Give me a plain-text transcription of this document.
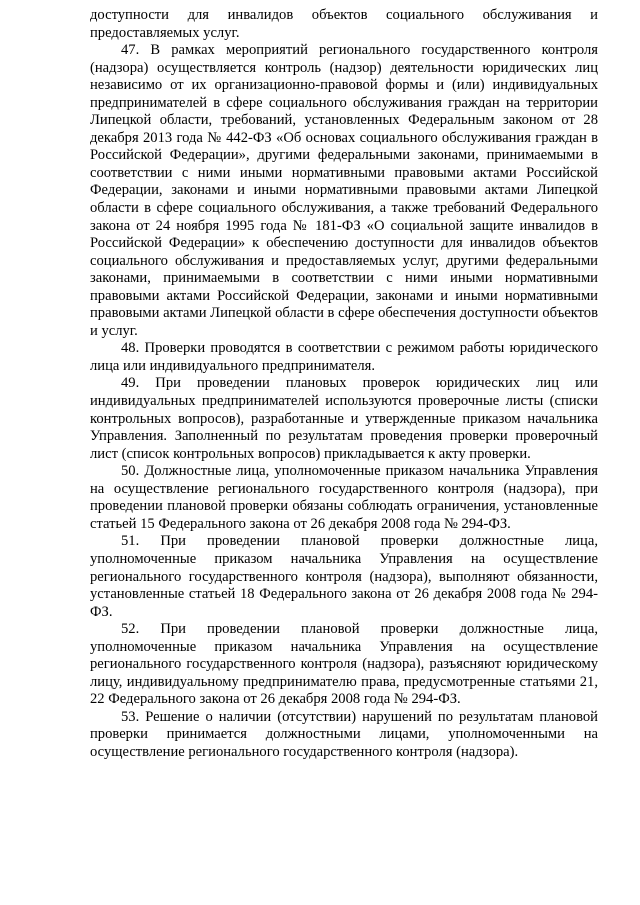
доступности для инвалидов объектов социального обслуживания и предоставляемых услуг.

47. В рамках мероприятий регионального государственного контроля (надзора) осуществляется контроль (надзор) деятельности юридических лиц независимо от их организационно-правовой формы и (или) индивидуальных предпринимателей в сфере социального обслуживания граждан на территории Липецкой области, требований, установленных Федеральным законом от 28 декабря 2013 года № 442-ФЗ «Об основах социального обслуживания граждан в Российской Федерации», другими федеральными законами, принимаемыми в соответствии с ними иными нормативными правовыми актами Российской Федерации, законами и иными нормативными правовыми актами Липецкой области в сфере социального обслуживания, а также требований Федерального закона от 24 ноября 1995 года № 181-ФЗ «О социальной защите инвалидов в Российской Федерации» к обеспечению доступности для инвалидов объектов социального обслуживания и предоставляемых услуг, другими федеральными законами, принимаемыми в соответствии с ними иными нормативными правовыми актами Российской Федерации, законами и иными нормативными правовыми актами Липецкой области в сфере обеспечения доступности объектов и услуг.

48. Проверки проводятся в соответствии с режимом работы юридического лица или индивидуального предпринимателя.

49. При проведении плановых проверок юридических лиц или индивидуальных предпринимателей используются проверочные листы (списки контрольных вопросов), разработанные и утвержденные приказом начальника Управления. Заполненный по результатам проведения проверки проверочный лист (список контрольных вопросов) прикладывается к акту проверки.

50. Должностные лица, уполномоченные приказом начальника Управления на осуществление регионального государственного контроля (надзора), при проведении плановой проверки обязаны соблюдать ограничения, установленные статьей 15 Федерального закона от 26 декабря 2008 года № 294-ФЗ.

51. При проведении плановой проверки должностные лица, уполномоченные приказом начальника Управления на осуществление регионального государственного контроля (надзора), выполняют обязанности, установленные статьей 18 Федерального закона от 26 декабря 2008 года № 294-ФЗ.

52. При проведении плановой проверки должностные лица, уполномоченные приказом начальника Управления на осуществление регионального государственного контроля (надзора), разъясняют юридическому лицу, индивидуальному предпринимателю права, предусмотренные статьями 21, 22 Федерального закона от 26 декабря 2008 года № 294-ФЗ.

53. Решение о наличии (отсутствии) нарушений по результатам плановой проверки принимается должностными лицами, уполномоченными на осуществление регионального государственного контроля (надзора).
